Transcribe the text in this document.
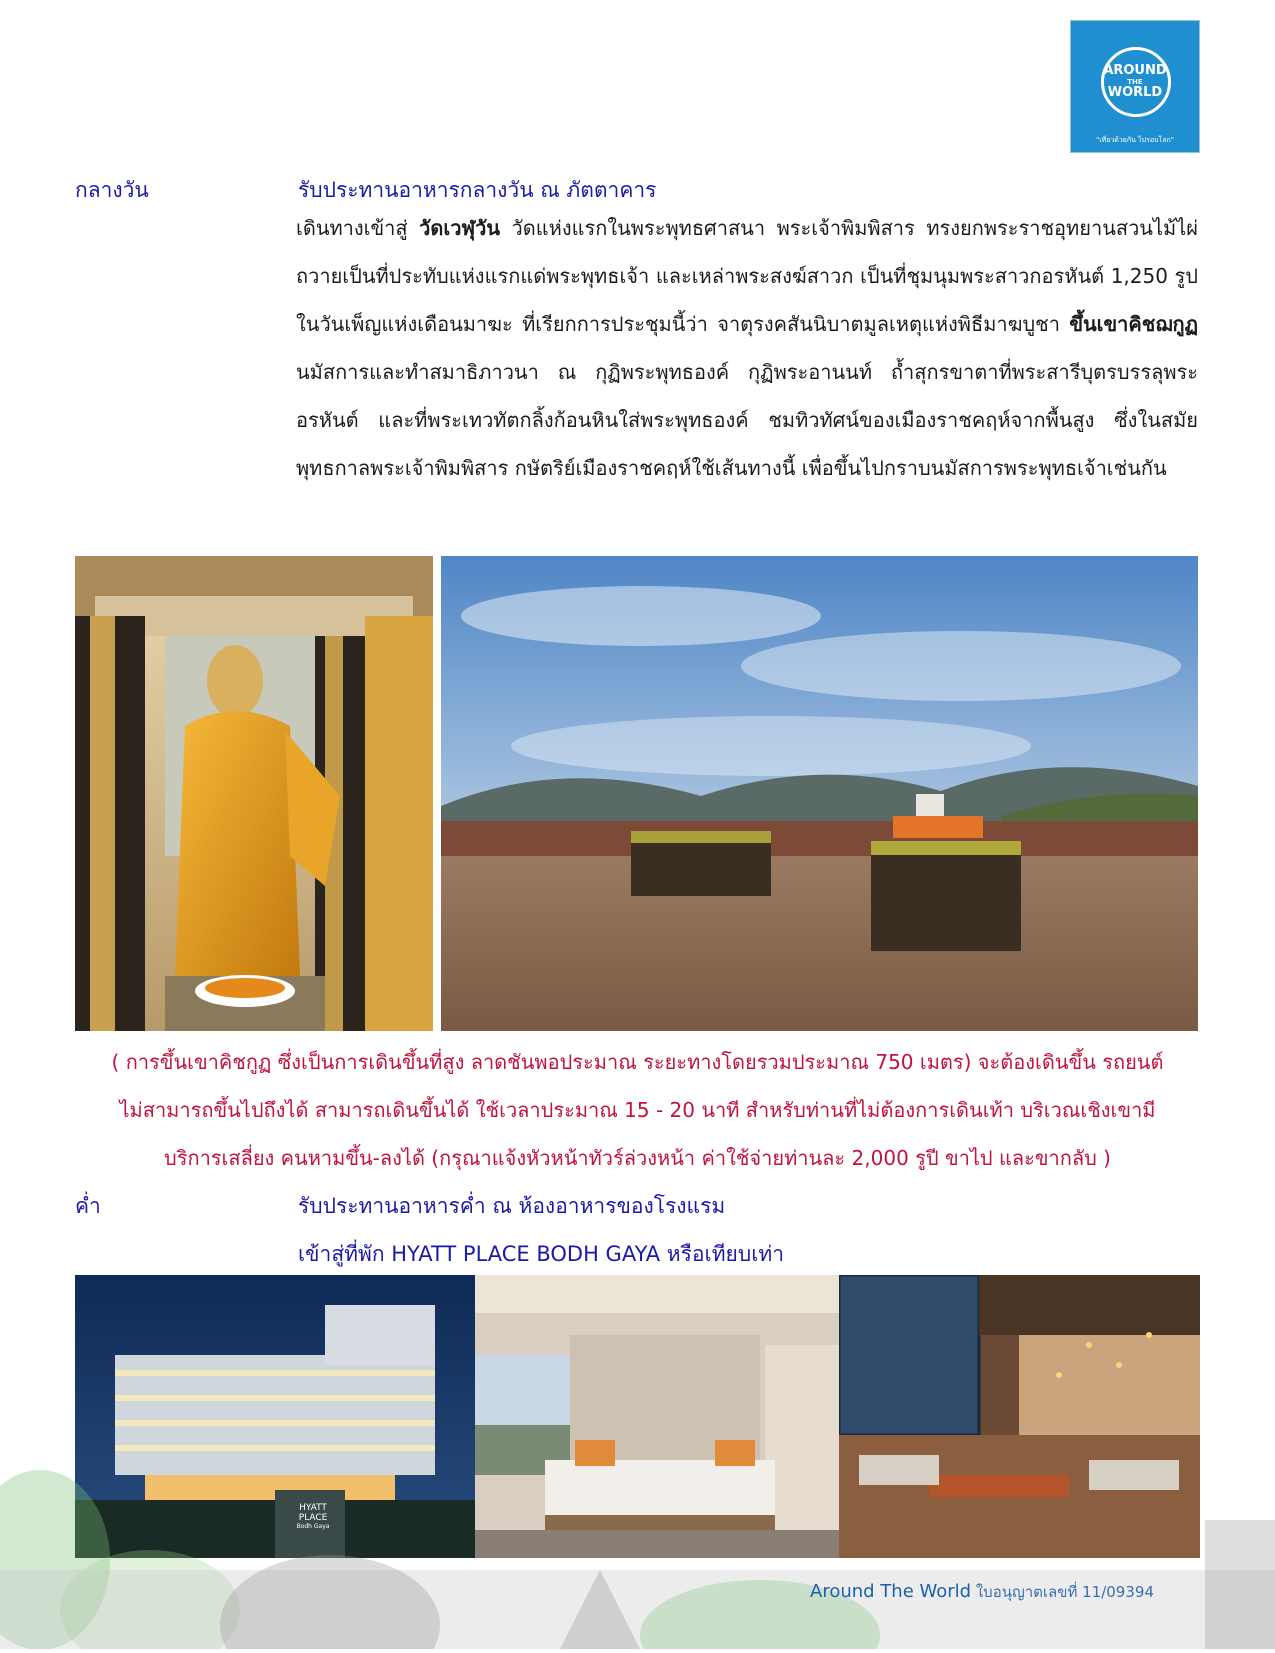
AROUND
THE
WORLD
"เที่ยวด้วยกัน ไปรอบโลก"
กลางวัน	รับประทานอาหารกลางวัน ณ ภัตตาคาร
เดินทางเข้าสู่ วัดเวฬุวัน วัดแห่งแรกในพระพุทธศาสนา พระเจ้าพิมพิสาร ทรงยกพระราชอุทยานสวนไม้ไผ่ ถวายเป็นที่ประทับแห่งแรกแด่พระพุทธเจ้า และเหล่าพระสงฆ์สาวก เป็นที่ชุมนุมพระสาวกอรหันต์ 1,250 รูป ในวันเพ็ญแห่งเดือนมาฆะ ที่เรียกการประชุมนี้ว่า จาตุรงคสันนิบาตมูลเหตุแห่งพิธีมาฆบูชา ขึ้นเขาคิชฌกูฏ นมัสการและทำสมาธิภาวนา ณ กุฏิพระพุทธองค์ กุฏิพระอานนท์ ถ้ำสุกรขาตาที่พระสารีบุตรบรรลุพระอรหันต์ และที่พระเทวทัตกลิ้งก้อนหินใส่พระพุทธองค์ ชมทิวทัศน์ของเมืองราชคฤห์จากพื้นสูง ซึ่งในสมัยพุทธกาลพระเจ้าพิมพิสาร กษัตริย์เมืองราชคฤห์ใช้เส้นทางนี้ เพื่อขึ้นไปกราบนมัสการพระพุทธเจ้าเช่นกัน
( การขึ้นเขาคิชกูฏ ซึ่งเป็นการเดินขึ้นที่สูง ลาดชันพอประมาณ ระยะทางโดยรวมประมาณ 750 เมตร) จะต้องเดินขึ้น รถยนต์
ไม่สามารถขึ้นไปถึงได้ สามารถเดินขึ้นได้ ใช้เวลาประมาณ 15 - 20 นาที สำหรับท่านที่ไม่ต้องการเดินเท้า บริเวณเชิงเขามี
บริการเสลี่ยง คนหามขึ้น-ลงได้ (กรุณาแจ้งหัวหน้าทัวร์ล่วงหน้า ค่าใช้จ่ายท่านละ 2,000 รูปี ขาไป และขากลับ )
ค่ำ	รับประทานอาหารค่ำ ณ ห้องอาหารของโรงแรม
เข้าสู่ที่พัก HYATT PLACE BODH GAYA หรือเทียบเท่า
HYATT
PLACE
Bodh Gaya
Around The World ใบอนุญาตเลขที่ 11/09394
